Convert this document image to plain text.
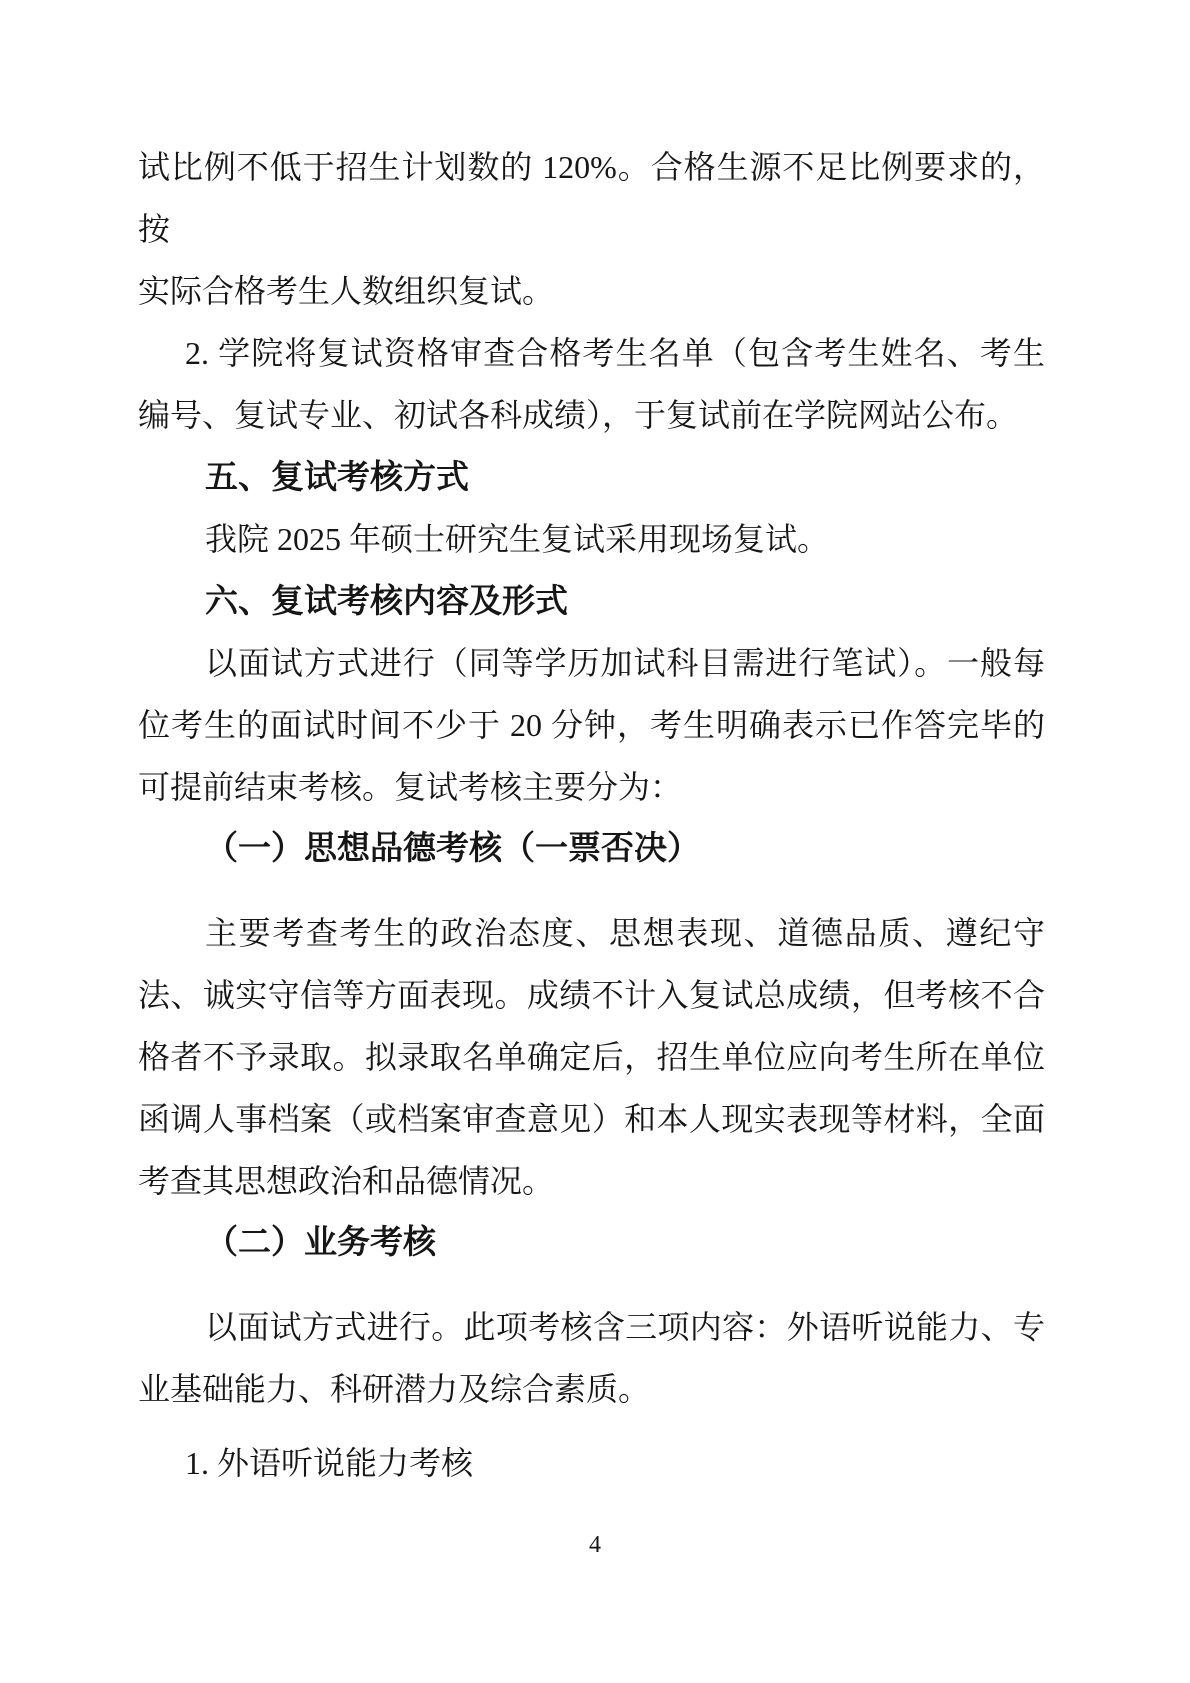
试比例不低于招生计划数的 120%。合格生源不足比例要求的，按
实际合格考生人数组织复试。
2. 学院将复试资格审查合格考生名单（包含考生姓名、考生
编号、复试专业、初试各科成绩），于复试前在学院网站公布。
五、复试考核方式
我院 2025 年硕士研究生复试采用现场复试。
六、复试考核内容及形式
以面试方式进行（同等学历加试科目需进行笔试）。一般每
位考生的面试时间不少于 20 分钟，考生明确表示已作答完毕的
可提前结束考核。复试考核主要分为：
（一）思想品德考核（一票否决）
主要考查考生的政治态度、思想表现、道德品质、遵纪守
法、诚实守信等方面表现。成绩不计入复试总成绩，但考核不合
格者不予录取。拟录取名单确定后，招生单位应向考生所在单位
函调人事档案（或档案审查意见）和本人现实表现等材料，全面
考查其思想政治和品德情况。
（二）业务考核
以面试方式进行。此项考核含三项内容：外语听说能力、专
业基础能力、科研潜力及综合素质。
1. 外语听说能力考核
4
